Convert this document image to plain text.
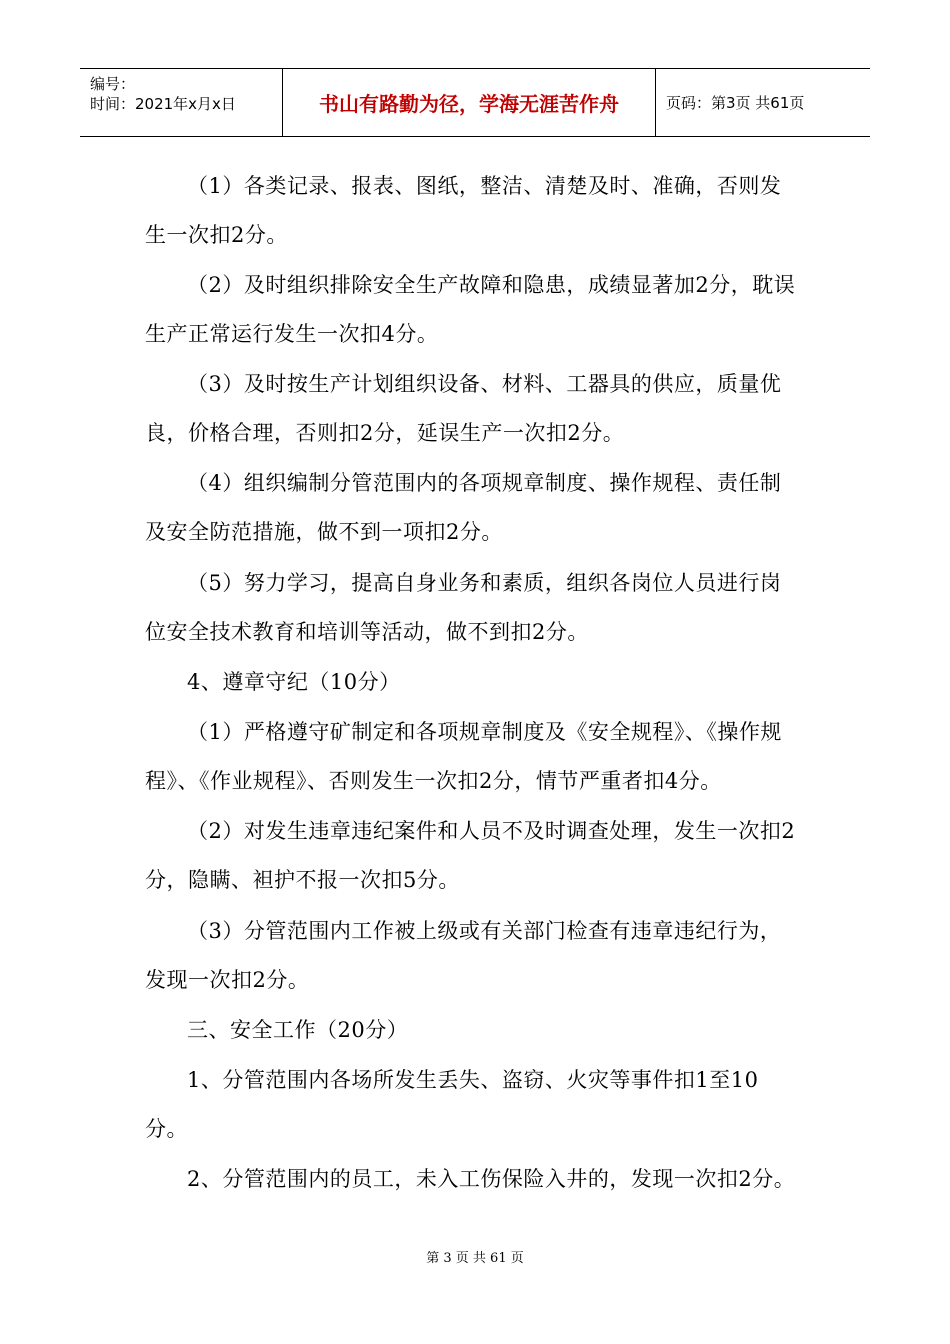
编号：
时间：2021年x月x日	书山有路勤为径，学海无涯苦作舟	页码：第3页 共61页

（1）各类记录、报表、图纸，整洁、清楚及时、准确，否则发生一次扣2分。

（2）及时组织排除安全生产故障和隐患，成绩显著加2分，耽误生产正常运行发生一次扣4分。

（3）及时按生产计划组织设备、材料、工器具的供应，质量优良，价格合理，否则扣2分，延误生产一次扣2分。

（4）组织编制分管范围内的各项规章制度、操作规程、责任制及安全防范措施，做不到一项扣2分。

（5）努力学习，提高自身业务和素质，组织各岗位人员进行岗位安全技术教育和培训等活动，做不到扣2分。

4、遵章守纪（10分）

（1）严格遵守矿制定和各项规章制度及《安全规程》、《操作规程》、《作业规程》、否则发生一次扣2分，情节严重者扣4分。

（2）对发生违章违纪案件和人员不及时调查处理，发生一次扣2分，隐瞒、袒护不报一次扣5分。

（3）分管范围内工作被上级或有关部门检查有违章违纪行为，发现一次扣2分。

三、安全工作（20分）

1、分管范围内各场所发生丢失、盗窃、火灾等事件扣1至10分。

2、分管范围内的员工，未入工伤保险入井的，发现一次扣2分。

第 3 页 共 61 页
